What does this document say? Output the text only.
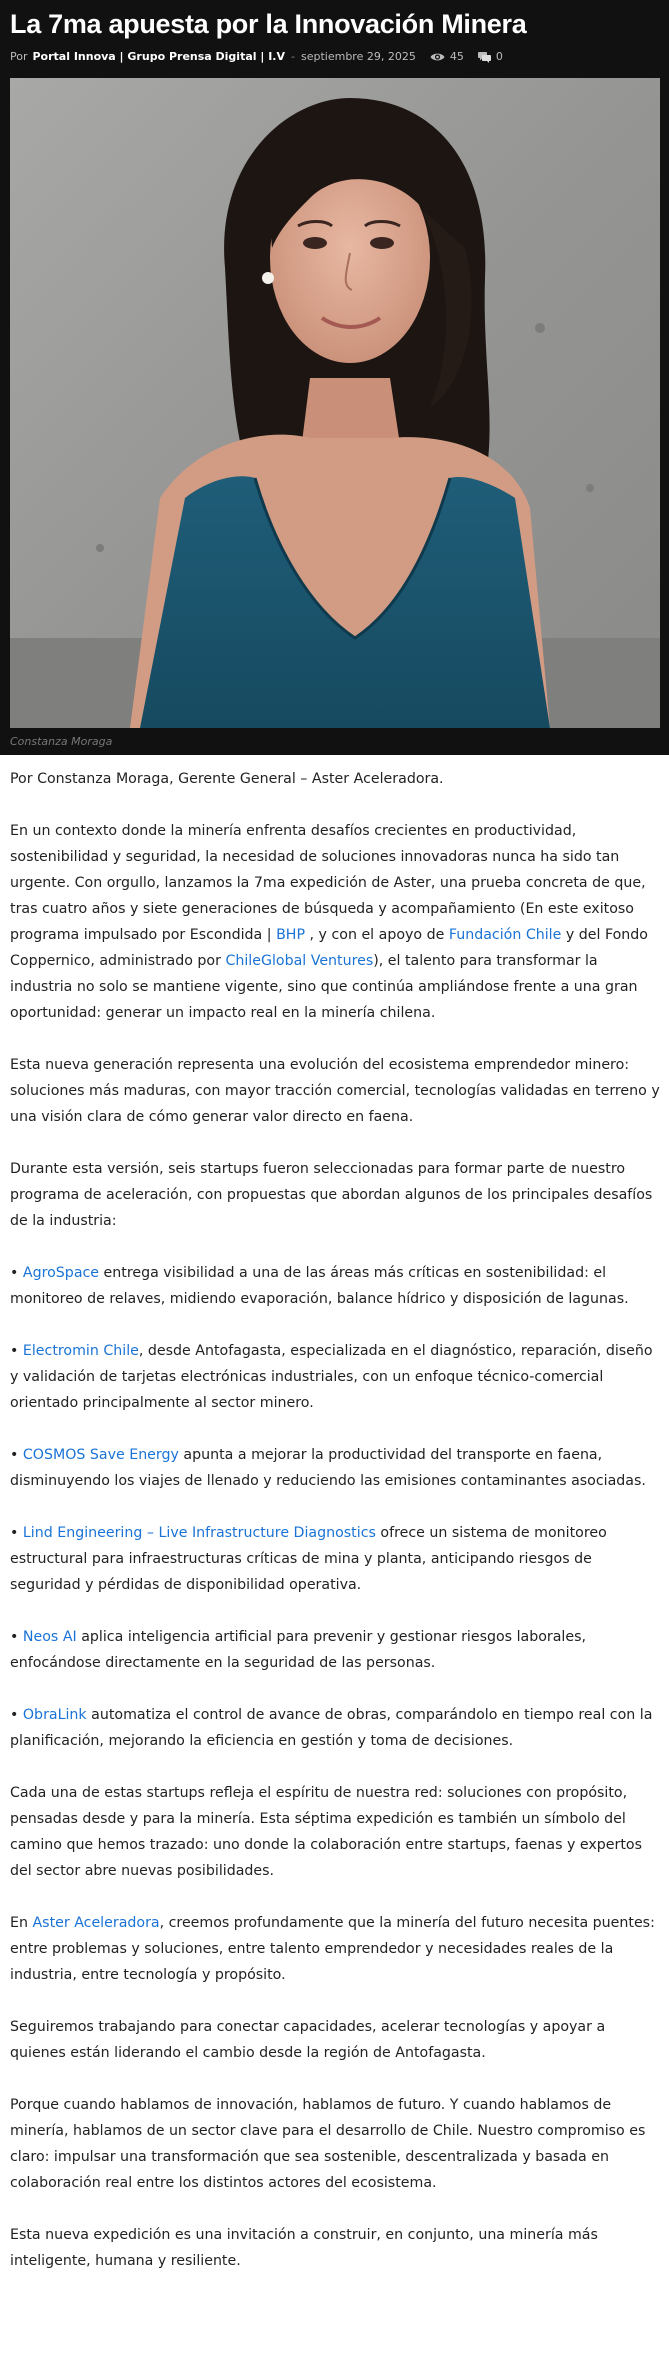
La 7ma apuesta por la Innovación Minera
Por Portal Innova | Grupo Prensa Digital | I.V - septiembre 29, 2025	45	0
Constanza Moraga

Por Constanza Moraga, Gerente General – Aster Aceleradora.

En un contexto donde la minería enfrenta desafíos crecientes en productividad, sostenibilidad y seguridad, la necesidad de soluciones innovadoras nunca ha sido tan urgente. Con orgullo, lanzamos la 7ma expedición de Aster, una prueba concreta de que, tras cuatro años y siete generaciones de búsqueda y acompañamiento (En este exitoso programa impulsado por Escondida | BHP , y con el apoyo de Fundación Chile y del Fondo Coppernico, administrado por ChileGlobal Ventures), el talento para transformar la industria no solo se mantiene vigente, sino que continúa ampliándose frente a una gran oportunidad: generar un impacto real en la minería chilena.

Esta nueva generación representa una evolución del ecosistema emprendedor minero: soluciones más maduras, con mayor tracción comercial, tecnologías validadas en terreno y una visión clara de cómo generar valor directo en faena.

Durante esta versión, seis startups fueron seleccionadas para formar parte de nuestro programa de aceleración, con propuestas que abordan algunos de los principales desafíos de la industria:

• AgroSpace entrega visibilidad a una de las áreas más críticas en sostenibilidad: el monitoreo de relaves, midiendo evaporación, balance hídrico y disposición de lagunas.

• Electromin Chile, desde Antofagasta, especializada en el diagnóstico, reparación, diseño y validación de tarjetas electrónicas industriales, con un enfoque técnico-comercial orientado principalmente al sector minero.

• COSMOS Save Energy apunta a mejorar la productividad del transporte en faena, disminuyendo los viajes de llenado y reduciendo las emisiones contaminantes asociadas.

• Lind Engineering – Live Infrastructure Diagnostics ofrece un sistema de monitoreo estructural para infraestructuras críticas de mina y planta, anticipando riesgos de seguridad y pérdidas de disponibilidad operativa.

• Neos AI aplica inteligencia artificial para prevenir y gestionar riesgos laborales, enfocándose directamente en la seguridad de las personas.

• ObraLink automatiza el control de avance de obras, comparándolo en tiempo real con la planificación, mejorando la eficiencia en gestión y toma de decisiones.

Cada una de estas startups refleja el espíritu de nuestra red: soluciones con propósito, pensadas desde y para la minería. Esta séptima expedición es también un símbolo del camino que hemos trazado: uno donde la colaboración entre startups, faenas y expertos del sector abre nuevas posibilidades.

En Aster Aceleradora, creemos profundamente que la minería del futuro necesita puentes: entre problemas y soluciones, entre talento emprendedor y necesidades reales de la industria, entre tecnología y propósito.

Seguiremos trabajando para conectar capacidades, acelerar tecnologías y apoyar a quienes están liderando el cambio desde la región de Antofagasta.

Porque cuando hablamos de innovación, hablamos de futuro. Y cuando hablamos de minería, hablamos de un sector clave para el desarrollo de Chile. Nuestro compromiso es claro: impulsar una transformación que sea sostenible, descentralizada y basada en colaboración real entre los distintos actores del ecosistema.

Esta nueva expedición es una invitación a construir, en conjunto, una minería más inteligente, humana y resiliente.
